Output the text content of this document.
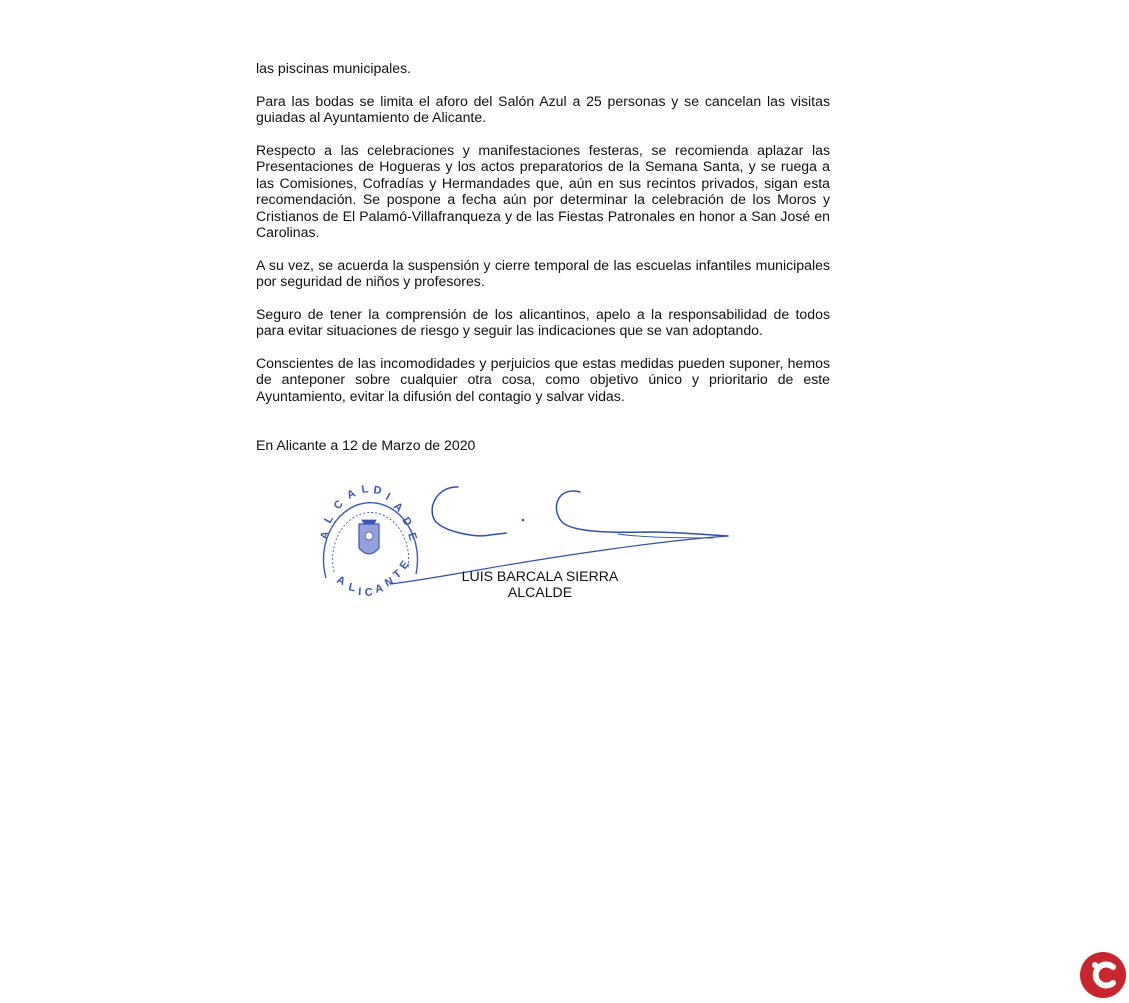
las piscinas municipales.

Para las bodas se limita el aforo del Salón Azul a 25 personas y se cancelan las visitas guiadas al Ayuntamiento de Alicante.

Respecto a las celebraciones y manifestaciones festeras, se recomienda aplazar las Presentaciones de Hogueras y los actos preparatorios de la Semana Santa, y se ruega a las Comisiones, Cofradías y Hermandades que, aún en sus recintos privados, sigan esta recomendación. Se pospone a fecha aún por determinar la celebración de los Moros y Cristianos de El Palamó-Villafranqueza y de las Fiestas Patronales en honor a San José en Carolinas.

A su vez, se acuerda la suspensión y cierre temporal de las escuelas infantiles municipales por seguridad de niños y profesores.

Seguro de tener la comprensión de los alicantinos, apelo a la responsabilidad de todos para evitar situaciones de riesgo y seguir las indicaciones que se van adoptando.

Conscientes de las incomodidades y perjuicios que estas medidas pueden suponer, hemos de anteponer sobre cualquier otra cosa, como objetivo único y prioritario de este Ayuntamiento, evitar la difusión del contagio y salvar vidas.

En Alicante a 12 de Marzo de 2020
A
L
C
A L D I
A
D
E
A L I C A
N
T
E
LUIS BARCALA SIERRA
ALCALDE
